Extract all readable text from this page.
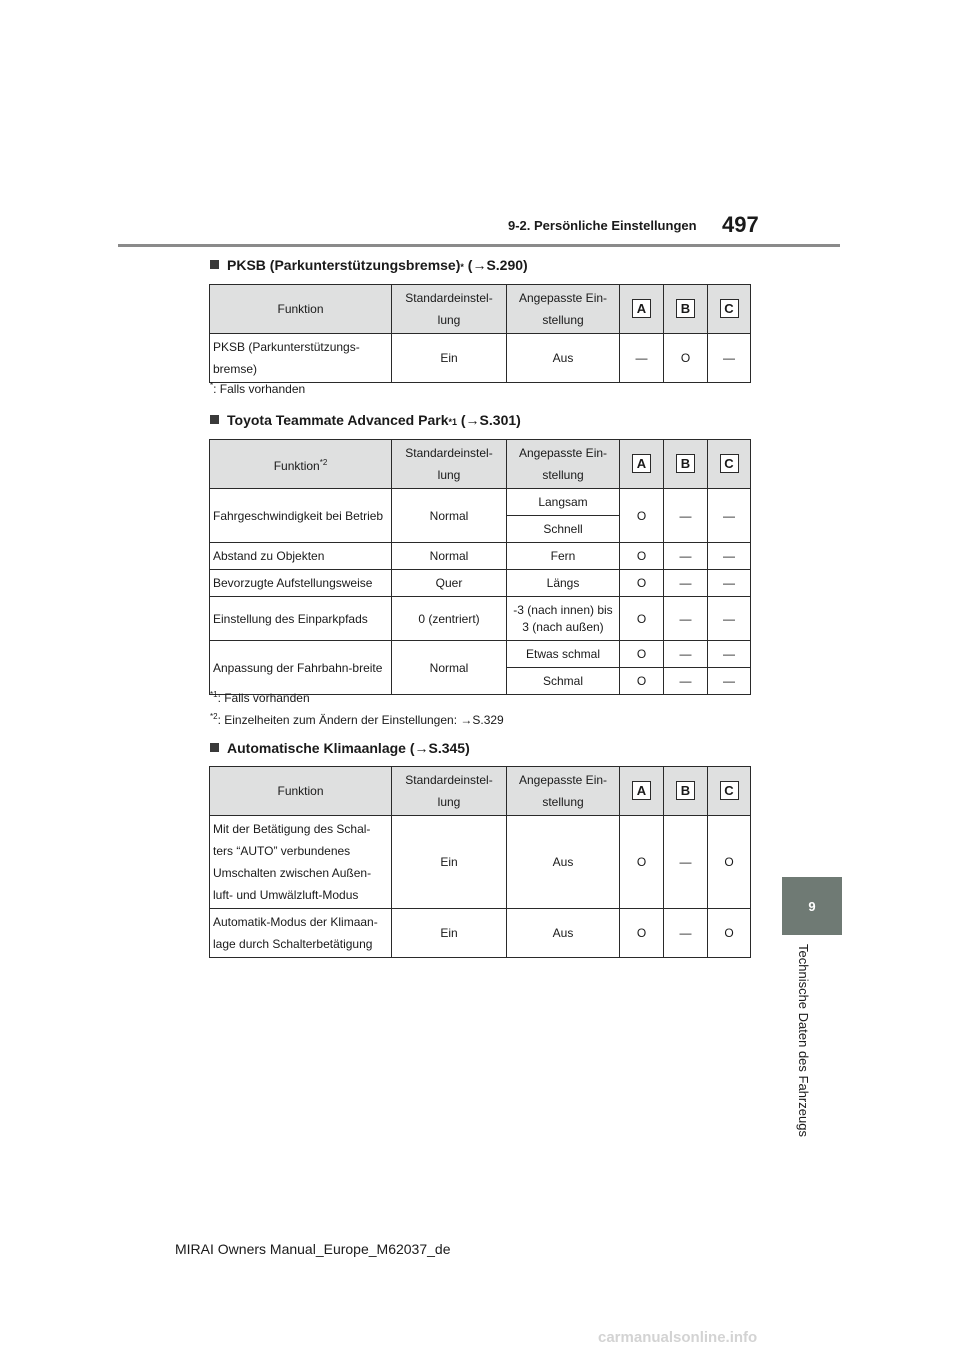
9-2. Persönliche Einstellungen 497
9
Technische Daten des Fahrzeugs
PKSB (Parkunterstützungsbremse) *
(→S.290)
Funktion	Standardeinstel-lung	Angepasste Ein-stellung	A	B	C
PKSB (Parkunterstützungs-bremse)	Ein	Aus	—	O	—
*: Falls vorhanden
Toyota Teammate Advanced Park *1
(→S.301)
Funktion$^{*2}$	Standardeinstel-lung	Angepasste Ein-stellung	A	B	C
Fahrgeschwindigkeit bei Betrieb	Normal	Langsam	O	—	—
		Schnell			
Abstand zu Objekten	Normal	Fern	O	—	—
Bevorzugte Aufstellungsweise	Quer	Längs	O	—	—
Einstellung des Einparkpfads	0 (zentriert)	-3 (nach innen) bis 3 (nach außen)	O	—	—
Anpassung der Fahrbahn-breite	Normal	Etwas schmal	O	—	—
		Schmal	O	—	—
$^{*1}$: Falls vorhanden
$^{*2}$: Einzelheiten zum Ändern der Einstellungen: →S.329
Automatische Klimaanlage
(→S.345)
Funktion	Standardeinstel-lung	Angepasste Ein-stellung	A	B	C
Mit der Betätigung des Schal-ters “AUTO” verbundenes Umschalten zwischen Außen-luft- und Umwälzluft-Modus	Ein	Aus	O	—	O
Automatik-Modus der Klimaan-lage durch Schalterbetätigung	Ein	Aus	O	—	O
MIRAI Owners Manual_Europe_M62037_de
carmanualsonline.info
